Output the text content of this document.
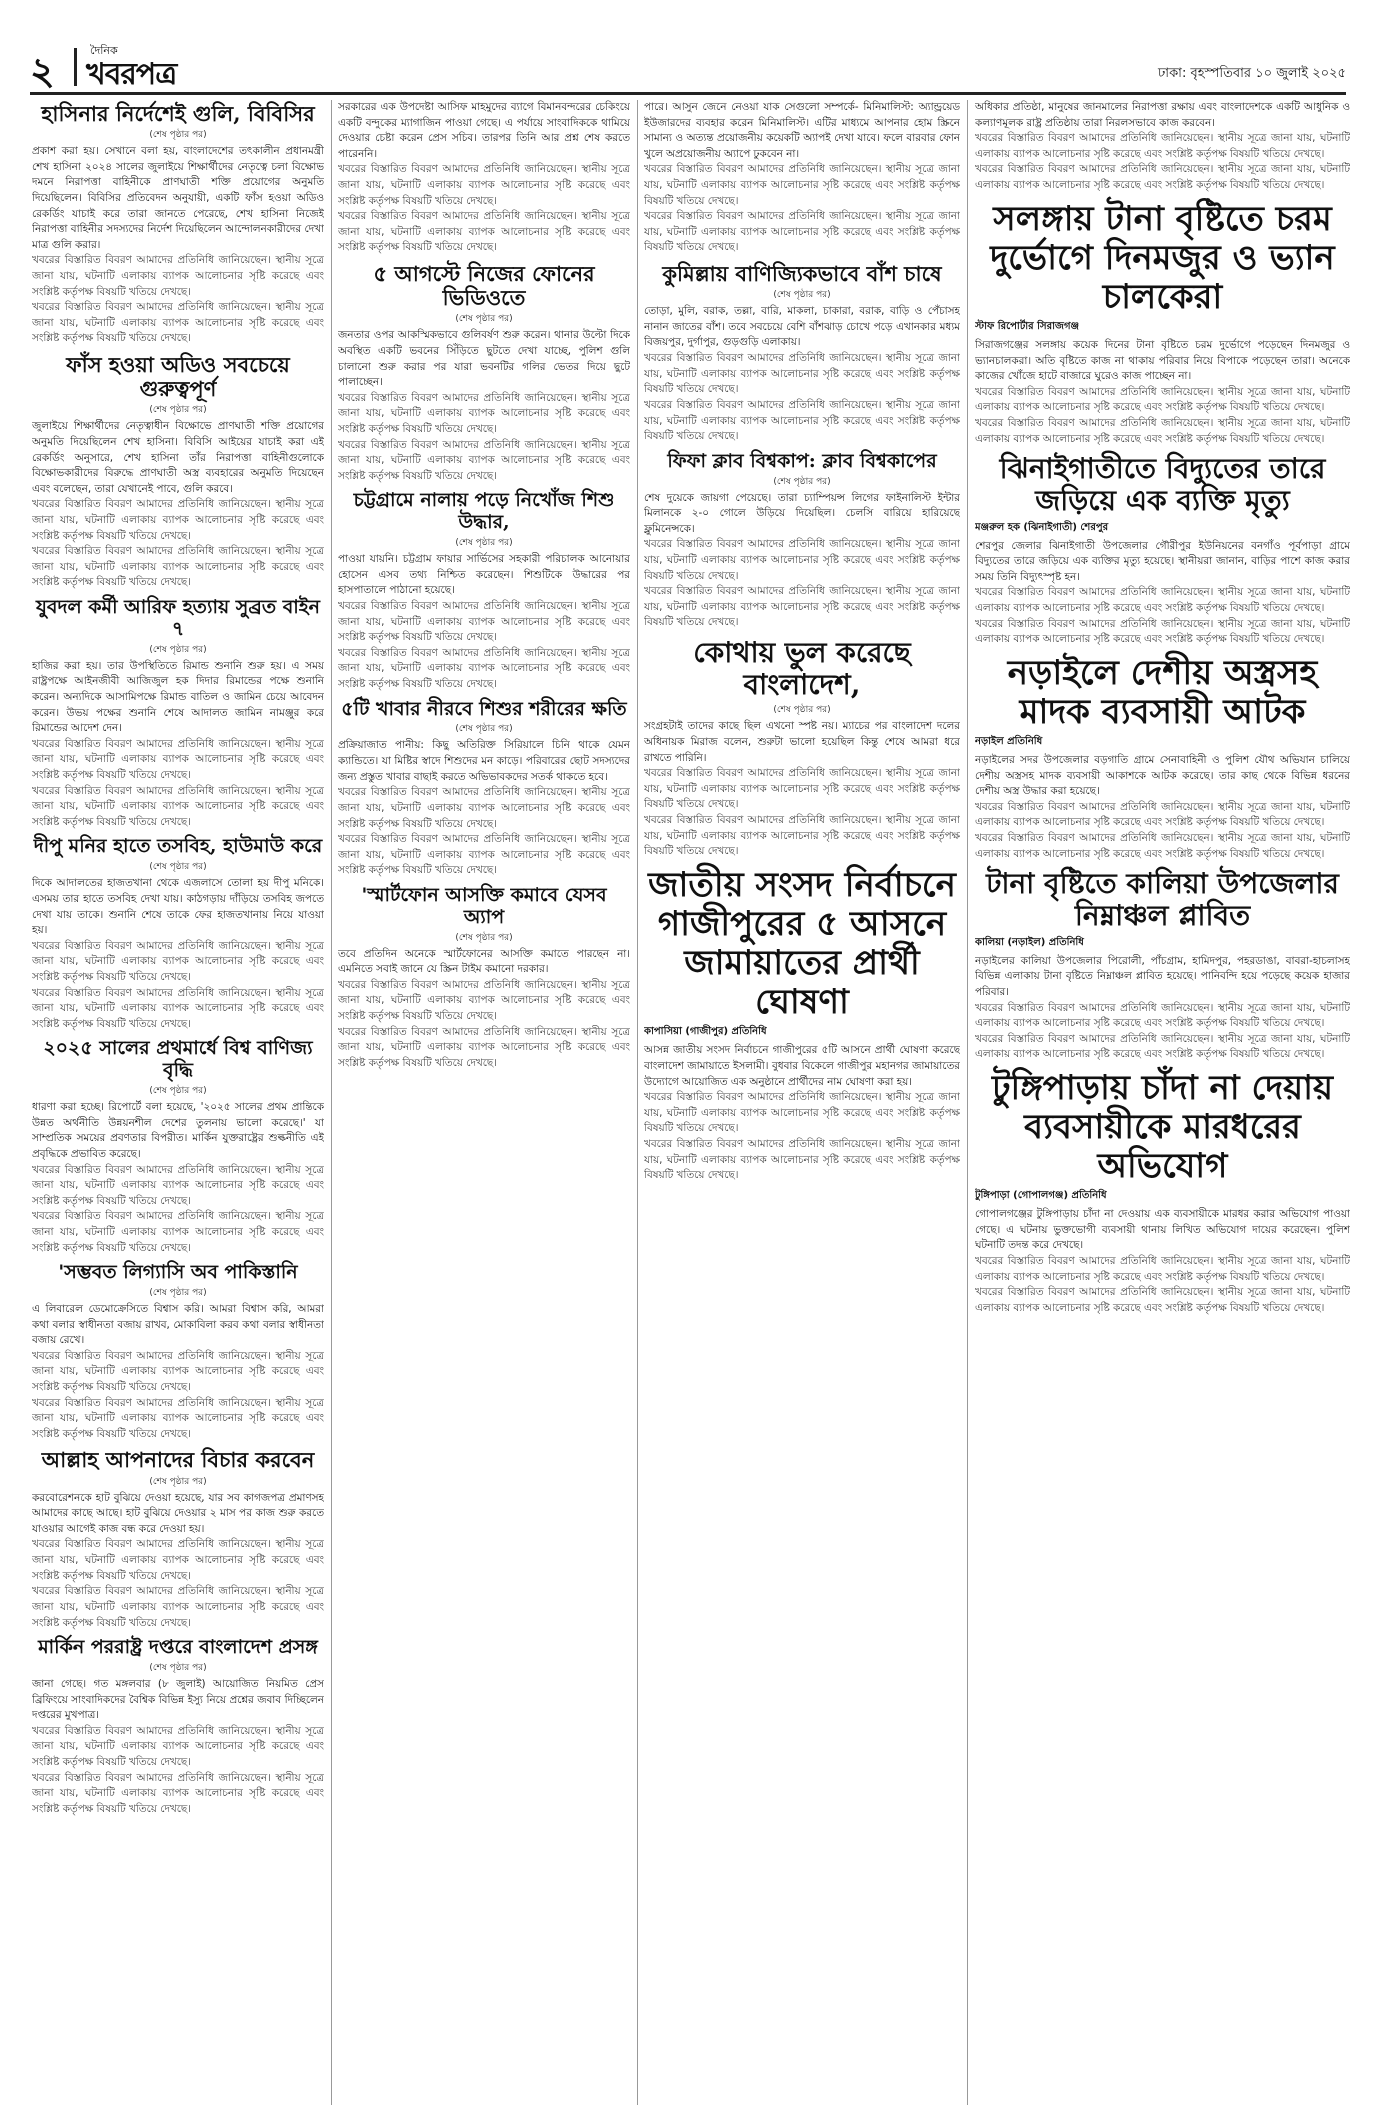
২	দৈনিক
খবরপত্র	ঢাকা: বৃহস্পতিবার ১০ জুলাই ২০২৫
হাসিনার নির্দেশেই গুলি, বিবিসির
(শেষ পৃষ্ঠার পর)
প্রকাশ করা হয়। সেখানে বলা হয়, বাংলাদেশের তৎকালীন প্রধানমন্ত্রী শেখ হাসিনা ২০২৪ সালের জুলাইয়ে শিক্ষার্থীদের নেতৃত্বে চলা বিক্ষোভ দমনে নিরাপত্তা বাহিনীকে প্রাণঘাতী শক্তি প্রয়োগের অনুমতি দিয়েছিলেন। বিবিসির প্রতিবেদন অনুযায়ী, একটি ফাঁস হওয়া অডিও রেকর্ডিং যাচাই করে তারা জানতে পেরেছে, শেখ হাসিনা নিজেই নিরাপত্তা বাহিনীর সদস্যদের নির্দেশ দিয়েছিলেন আন্দোলনকারীদের দেখা মাত্র গুলি করার।
খবরের বিস্তারিত বিবরণ আমাদের প্রতিনিধি জানিয়েছেন। স্থানীয় সূত্রে জানা যায়, ঘটনাটি এলাকায় ব্যাপক আলোচনার সৃষ্টি করেছে এবং সংশ্লিষ্ট কর্তৃপক্ষ বিষয়টি খতিয়ে দেখছে।
খবরের বিস্তারিত বিবরণ আমাদের প্রতিনিধি জানিয়েছেন। স্থানীয় সূত্রে জানা যায়, ঘটনাটি এলাকায় ব্যাপক আলোচনার সৃষ্টি করেছে এবং সংশ্লিষ্ট কর্তৃপক্ষ বিষয়টি খতিয়ে দেখছে।
ফাঁস হওয়া অডিও সবচেয়ে গুরুত্বপূর্ণ
(শেষ পৃষ্ঠার পর)
জুলাইয়ে শিক্ষার্থীদের নেতৃত্বাধীন বিক্ষোভে প্রাণঘাতী শক্তি প্রয়োগের অনুমতি দিয়েছিলেন শেখ হাসিনা। বিবিসি আইয়ের যাচাই করা এই রেকর্ডিং অনুসারে, শেখ হাসিনা তাঁর নিরাপত্তা বাহিনীগুলোকে বিক্ষোভকারীদের বিরুদ্ধে প্রাণঘাতী অস্ত্র ব্যবহারের অনুমতি দিয়েছেন এবং বলেছেন, তারা যেখানেই পাবে, গুলি করবে।
খবরের বিস্তারিত বিবরণ আমাদের প্রতিনিধি জানিয়েছেন। স্থানীয় সূত্রে জানা যায়, ঘটনাটি এলাকায় ব্যাপক আলোচনার সৃষ্টি করেছে এবং সংশ্লিষ্ট কর্তৃপক্ষ বিষয়টি খতিয়ে দেখছে।
খবরের বিস্তারিত বিবরণ আমাদের প্রতিনিধি জানিয়েছেন। স্থানীয় সূত্রে জানা যায়, ঘটনাটি এলাকায় ব্যাপক আলোচনার সৃষ্টি করেছে এবং সংশ্লিষ্ট কর্তৃপক্ষ বিষয়টি খতিয়ে দেখছে।
যুবদল কর্মী আরিফ হত্যায় সুব্রত বাইন ৭
(শেষ পৃষ্ঠার পর)
হাজির করা হয়। তার উপস্থিতিতে রিমান্ড শুনানি শুরু হয়। এ সময় রাষ্ট্রপক্ষে আইনজীবী আজিজুল হক দিদার রিমান্ডের পক্ষে শুনানি করেন। অন্যদিকে আসামিপক্ষে রিমান্ড বাতিল ও জামিন চেয়ে আবেদন করেন। উভয় পক্ষের শুনানি শেষে আদালত জামিন নামঞ্জুর করে রিমান্ডের আদেশ দেন।
খবরের বিস্তারিত বিবরণ আমাদের প্রতিনিধি জানিয়েছেন। স্থানীয় সূত্রে জানা যায়, ঘটনাটি এলাকায় ব্যাপক আলোচনার সৃষ্টি করেছে এবং সংশ্লিষ্ট কর্তৃপক্ষ বিষয়টি খতিয়ে দেখছে।
খবরের বিস্তারিত বিবরণ আমাদের প্রতিনিধি জানিয়েছেন। স্থানীয় সূত্রে জানা যায়, ঘটনাটি এলাকায় ব্যাপক আলোচনার সৃষ্টি করেছে এবং সংশ্লিষ্ট কর্তৃপক্ষ বিষয়টি খতিয়ে দেখছে।
দীপু মনির হাতে তসবিহ, হাউমাউ করে
(শেষ পৃষ্ঠার পর)
দিকে আদালতের হাজতখানা থেকে এজলাসে তোলা হয় দীপু মনিকে। এসময় তার হাতে তসবিহ দেখা যায়। কাঠগড়ায় দাঁড়িয়ে তসবিহ জপতে দেখা যায় তাকে। শুনানি শেষে তাকে ফের হাজতখানায় নিয়ে যাওয়া হয়।
খবরের বিস্তারিত বিবরণ আমাদের প্রতিনিধি জানিয়েছেন। স্থানীয় সূত্রে জানা যায়, ঘটনাটি এলাকায় ব্যাপক আলোচনার সৃষ্টি করেছে এবং সংশ্লিষ্ট কর্তৃপক্ষ বিষয়টি খতিয়ে দেখছে।
খবরের বিস্তারিত বিবরণ আমাদের প্রতিনিধি জানিয়েছেন। স্থানীয় সূত্রে জানা যায়, ঘটনাটি এলাকায় ব্যাপক আলোচনার সৃষ্টি করেছে এবং সংশ্লিষ্ট কর্তৃপক্ষ বিষয়টি খতিয়ে দেখছে।
২০২৫ সালের প্রথমার্ধে বিশ্ব বাণিজ্য বৃদ্ধি
(শেষ পৃষ্ঠার পর)
ধারণা করা হচ্ছে। রিপোর্টে বলা হয়েছে, '২০২৫ সালের প্রথম প্রান্তিকে উন্নত অর্থনীতি উন্নয়নশীল দেশের তুলনায় ভালো করেছে।' যা সাম্প্রতিক সময়ের প্রবণতার বিপরীত। মার্কিন যুক্তরাষ্ট্রের শুল্কনীতি এই প্রবৃদ্ধিকে প্রভাবিত করেছে।
খবরের বিস্তারিত বিবরণ আমাদের প্রতিনিধি জানিয়েছেন। স্থানীয় সূত্রে জানা যায়, ঘটনাটি এলাকায় ব্যাপক আলোচনার সৃষ্টি করেছে এবং সংশ্লিষ্ট কর্তৃপক্ষ বিষয়টি খতিয়ে দেখছে।
খবরের বিস্তারিত বিবরণ আমাদের প্রতিনিধি জানিয়েছেন। স্থানীয় সূত্রে জানা যায়, ঘটনাটি এলাকায় ব্যাপক আলোচনার সৃষ্টি করেছে এবং সংশ্লিষ্ট কর্তৃপক্ষ বিষয়টি খতিয়ে দেখছে।
'সম্ভবত লিগ্যাসি অব পাকিস্তানি
(শেষ পৃষ্ঠার পর)
এ লিবারেল ডেমোক্রেসিতে বিশ্বাস করি। আমরা বিশ্বাস করি, আমরা কথা বলার স্বাধীনতা বজায় রাখব, মোকাবিলা করব কথা বলার স্বাধীনতা বজায় রেখে।
খবরের বিস্তারিত বিবরণ আমাদের প্রতিনিধি জানিয়েছেন। স্থানীয় সূত্রে জানা যায়, ঘটনাটি এলাকায় ব্যাপক আলোচনার সৃষ্টি করেছে এবং সংশ্লিষ্ট কর্তৃপক্ষ বিষয়টি খতিয়ে দেখছে।
খবরের বিস্তারিত বিবরণ আমাদের প্রতিনিধি জানিয়েছেন। স্থানীয় সূত্রে জানা যায়, ঘটনাটি এলাকায় ব্যাপক আলোচনার সৃষ্টি করেছে এবং সংশ্লিষ্ট কর্তৃপক্ষ বিষয়টি খতিয়ে দেখছে।
আল্লাহ আপনাদের বিচার করবেন
(শেষ পৃষ্ঠার পর)
করবোরেশনকে হাট বুঝিয়ে দেওয়া হয়েছে, যার সব কাগজপত্র প্রমাণসহ আমাদের কাছে আছে। হাট বুঝিয়ে দেওয়ার ২ মাস পর কাজ শুরু করতে যাওয়ার আগেই কাজ বন্ধ করে দেওয়া হয়।
খবরের বিস্তারিত বিবরণ আমাদের প্রতিনিধি জানিয়েছেন। স্থানীয় সূত্রে জানা যায়, ঘটনাটি এলাকায় ব্যাপক আলোচনার সৃষ্টি করেছে এবং সংশ্লিষ্ট কর্তৃপক্ষ বিষয়টি খতিয়ে দেখছে।
খবরের বিস্তারিত বিবরণ আমাদের প্রতিনিধি জানিয়েছেন। স্থানীয় সূত্রে জানা যায়, ঘটনাটি এলাকায় ব্যাপক আলোচনার সৃষ্টি করেছে এবং সংশ্লিষ্ট কর্তৃপক্ষ বিষয়টি খতিয়ে দেখছে।
মার্কিন পররাষ্ট্র দপ্তরে বাংলাদেশ প্রসঙ্গ
(শেষ পৃষ্ঠার পর)
জানা গেছে। গত মঙ্গলবার (৮ জুলাই) আয়োজিত নিয়মিত প্রেস ব্রিফিংয়ে সাংবাদিকদের বৈশ্বিক বিভিন্ন ইস্যু নিয়ে প্রশ্নের জবাব দিচ্ছিলেন দপ্তরের মুখপাত্র।
খবরের বিস্তারিত বিবরণ আমাদের প্রতিনিধি জানিয়েছেন। স্থানীয় সূত্রে জানা যায়, ঘটনাটি এলাকায় ব্যাপক আলোচনার সৃষ্টি করেছে এবং সংশ্লিষ্ট কর্তৃপক্ষ বিষয়টি খতিয়ে দেখছে।
খবরের বিস্তারিত বিবরণ আমাদের প্রতিনিধি জানিয়েছেন। স্থানীয় সূত্রে জানা যায়, ঘটনাটি এলাকায় ব্যাপক আলোচনার সৃষ্টি করেছে এবং সংশ্লিষ্ট কর্তৃপক্ষ বিষয়টি খতিয়ে দেখছে।
সরকারের এক উপদেষ্টা আসিফ মাহমুদের ব্যাগে বিমানবন্দরের চেকিংয়ে একটি বন্দুকের ম্যাগাজিন পাওয়া গেছে। এ পর্যায়ে সাংবাদিককে থামিয়ে দেওয়ার চেষ্টা করেন প্রেস সচিব। তারপর তিনি আর প্রশ্ন শেষ করতে পারেননি।
খবরের বিস্তারিত বিবরণ আমাদের প্রতিনিধি জানিয়েছেন। স্থানীয় সূত্রে জানা যায়, ঘটনাটি এলাকায় ব্যাপক আলোচনার সৃষ্টি করেছে এবং সংশ্লিষ্ট কর্তৃপক্ষ বিষয়টি খতিয়ে দেখছে।
খবরের বিস্তারিত বিবরণ আমাদের প্রতিনিধি জানিয়েছেন। স্থানীয় সূত্রে জানা যায়, ঘটনাটি এলাকায় ব্যাপক আলোচনার সৃষ্টি করেছে এবং সংশ্লিষ্ট কর্তৃপক্ষ বিষয়টি খতিয়ে দেখছে।
৫ আগস্টে নিজের ফোনের ভিডিওতে
(শেষ পৃষ্ঠার পর)
জনতার ওপর আকস্মিকভাবে গুলিবর্ষণ শুরু করেন। থানার উল্টো দিকে অবস্থিত একটি ভবনের সিঁড়িতে ছুটতে দেখা যাচ্ছে, পুলিশ গুলি চালানো শুরু করার পর যারা ভবনটির গলির ভেতর দিয়ে ছুটে পালাচ্ছেন।
খবরের বিস্তারিত বিবরণ আমাদের প্রতিনিধি জানিয়েছেন। স্থানীয় সূত্রে জানা যায়, ঘটনাটি এলাকায় ব্যাপক আলোচনার সৃষ্টি করেছে এবং সংশ্লিষ্ট কর্তৃপক্ষ বিষয়টি খতিয়ে দেখছে।
খবরের বিস্তারিত বিবরণ আমাদের প্রতিনিধি জানিয়েছেন। স্থানীয় সূত্রে জানা যায়, ঘটনাটি এলাকায় ব্যাপক আলোচনার সৃষ্টি করেছে এবং সংশ্লিষ্ট কর্তৃপক্ষ বিষয়টি খতিয়ে দেখছে।
চট্টগ্রামে নালায় পড়ে নিখোঁজ শিশু উদ্ধার,
(শেষ পৃষ্ঠার পর)
পাওয়া যায়নি। চট্টগ্রাম ফায়ার সার্ভিসের সহকারী পরিচালক আনোয়ার হোসেন এসব তথ্য নিশ্চিত করেছেন। শিশুটিকে উদ্ধারের পর হাসপাতালে পাঠানো হয়েছে।
খবরের বিস্তারিত বিবরণ আমাদের প্রতিনিধি জানিয়েছেন। স্থানীয় সূত্রে জানা যায়, ঘটনাটি এলাকায় ব্যাপক আলোচনার সৃষ্টি করেছে এবং সংশ্লিষ্ট কর্তৃপক্ষ বিষয়টি খতিয়ে দেখছে।
খবরের বিস্তারিত বিবরণ আমাদের প্রতিনিধি জানিয়েছেন। স্থানীয় সূত্রে জানা যায়, ঘটনাটি এলাকায় ব্যাপক আলোচনার সৃষ্টি করেছে এবং সংশ্লিষ্ট কর্তৃপক্ষ বিষয়টি খতিয়ে দেখছে।
৫টি খাবার নীরবে শিশুর শরীরের ক্ষতি
(শেষ পৃষ্ঠার পর)
প্রক্রিয়াজাত পানীয়: কিছু অতিরিক্ত সিরিয়ালে চিনি থাকে যেমন ক্যান্ডিতে। যা মিষ্টির স্বাদে শিশুদের মন কাড়ে। পরিবারের ছোট সদস্যদের জন্য প্রস্তুত খাবার বাছাই করতে অভিভাবকদের সতর্ক থাকতে হবে।
খবরের বিস্তারিত বিবরণ আমাদের প্রতিনিধি জানিয়েছেন। স্থানীয় সূত্রে জানা যায়, ঘটনাটি এলাকায় ব্যাপক আলোচনার সৃষ্টি করেছে এবং সংশ্লিষ্ট কর্তৃপক্ষ বিষয়টি খতিয়ে দেখছে।
খবরের বিস্তারিত বিবরণ আমাদের প্রতিনিধি জানিয়েছেন। স্থানীয় সূত্রে জানা যায়, ঘটনাটি এলাকায় ব্যাপক আলোচনার সৃষ্টি করেছে এবং সংশ্লিষ্ট কর্তৃপক্ষ বিষয়টি খতিয়ে দেখছে।
'স্মার্টফোন আসক্তি কমাবে যেসব অ্যাপ
(শেষ পৃষ্ঠার পর)
তবে প্রতিদিন অনেকে স্মার্টফোনের আসক্তি কমাতে পারছেন না। এমনিতে সবাই জানে যে স্ক্রিন টাইম কমানো দরকার।
খবরের বিস্তারিত বিবরণ আমাদের প্রতিনিধি জানিয়েছেন। স্থানীয় সূত্রে জানা যায়, ঘটনাটি এলাকায় ব্যাপক আলোচনার সৃষ্টি করেছে এবং সংশ্লিষ্ট কর্তৃপক্ষ বিষয়টি খতিয়ে দেখছে।
খবরের বিস্তারিত বিবরণ আমাদের প্রতিনিধি জানিয়েছেন। স্থানীয় সূত্রে জানা যায়, ঘটনাটি এলাকায় ব্যাপক আলোচনার সৃষ্টি করেছে এবং সংশ্লিষ্ট কর্তৃপক্ষ বিষয়টি খতিয়ে দেখছে।
পারে। আসুন জেনে নেওয়া যাক সেগুলো সম্পর্কে- মিনিমালিস্ট: অ্যান্ড্রয়েড ইউজারদের ব্যবহার করেন মিনিমালিস্ট। এটির মাধ্যমে আপনার হোম স্ক্রিনে সামান্য ও অত্যন্ত প্রয়োজনীয় কয়েকটি অ্যাপই দেখা যাবে। ফলে বারবার ফোন খুলে অপ্রয়োজনীয় অ্যাপে ঢুকবেন না।
খবরের বিস্তারিত বিবরণ আমাদের প্রতিনিধি জানিয়েছেন। স্থানীয় সূত্রে জানা যায়, ঘটনাটি এলাকায় ব্যাপক আলোচনার সৃষ্টি করেছে এবং সংশ্লিষ্ট কর্তৃপক্ষ বিষয়টি খতিয়ে দেখছে।
খবরের বিস্তারিত বিবরণ আমাদের প্রতিনিধি জানিয়েছেন। স্থানীয় সূত্রে জানা যায়, ঘটনাটি এলাকায় ব্যাপক আলোচনার সৃষ্টি করেছে এবং সংশ্লিষ্ট কর্তৃপক্ষ বিষয়টি খতিয়ে দেখছে।
কুমিল্লায় বাণিজ্যিকভাবে বাঁশ চাষে
(শেষ পৃষ্ঠার পর)
তোড়া, মুলি, বরাক, তল্লা, বারি, মাকলা, চাকারা, বরাক, বাড়ি ও পেঁচাসহ নানান জাতের বাঁশ। তবে সবচেয়ে বেশি বাঁশঝাড় চোখে পড়ে এখানকার মধ্যম বিজয়পুর, দুর্গাপুর, গুড়গুড়ি এলাকায়।
খবরের বিস্তারিত বিবরণ আমাদের প্রতিনিধি জানিয়েছেন। স্থানীয় সূত্রে জানা যায়, ঘটনাটি এলাকায় ব্যাপক আলোচনার সৃষ্টি করেছে এবং সংশ্লিষ্ট কর্তৃপক্ষ বিষয়টি খতিয়ে দেখছে।
খবরের বিস্তারিত বিবরণ আমাদের প্রতিনিধি জানিয়েছেন। স্থানীয় সূত্রে জানা যায়, ঘটনাটি এলাকায় ব্যাপক আলোচনার সৃষ্টি করেছে এবং সংশ্লিষ্ট কর্তৃপক্ষ বিষয়টি খতিয়ে দেখছে।
ফিফা ক্লাব বিশ্বকাপ: ক্লাব বিশ্বকাপের
(শেষ পৃষ্ঠার পর)
শেষ দুয়েকে জায়গা পেয়েছে। তারা চ্যাম্পিয়ন্স লিগের ফাইনালিস্ট ইন্টার মিলানকে ২-০ গোলে উড়িয়ে দিয়েছিল। চেলসি বারিয়ে হারিয়েছে ফ্লুমিনেন্সকে।
খবরের বিস্তারিত বিবরণ আমাদের প্রতিনিধি জানিয়েছেন। স্থানীয় সূত্রে জানা যায়, ঘটনাটি এলাকায় ব্যাপক আলোচনার সৃষ্টি করেছে এবং সংশ্লিষ্ট কর্তৃপক্ষ বিষয়টি খতিয়ে দেখছে।
খবরের বিস্তারিত বিবরণ আমাদের প্রতিনিধি জানিয়েছেন। স্থানীয় সূত্রে জানা যায়, ঘটনাটি এলাকায় ব্যাপক আলোচনার সৃষ্টি করেছে এবং সংশ্লিষ্ট কর্তৃপক্ষ বিষয়টি খতিয়ে দেখছে।
কোথায় ভুল করেছে বাংলাদেশ,
(শেষ পৃষ্ঠার পর)
সংগ্রহটাই তাদের কাছে ছিল এখনো স্পষ্ট নয়। ম্যাচের পর বাংলাদেশ দলের অধিনায়ক মিরাজ বলেন, শুরুটা ভালো হয়েছিল কিন্তু শেষে আমরা ধরে রাখতে পারিনি।
খবরের বিস্তারিত বিবরণ আমাদের প্রতিনিধি জানিয়েছেন। স্থানীয় সূত্রে জানা যায়, ঘটনাটি এলাকায় ব্যাপক আলোচনার সৃষ্টি করেছে এবং সংশ্লিষ্ট কর্তৃপক্ষ বিষয়টি খতিয়ে দেখছে।
খবরের বিস্তারিত বিবরণ আমাদের প্রতিনিধি জানিয়েছেন। স্থানীয় সূত্রে জানা যায়, ঘটনাটি এলাকায় ব্যাপক আলোচনার সৃষ্টি করেছে এবং সংশ্লিষ্ট কর্তৃপক্ষ বিষয়টি খতিয়ে দেখছে।
জাতীয় সংসদ নির্বাচনে গাজীপুরের ৫ আসনে জামায়াতের প্রার্থী ঘোষণা
কাপাসিয়া (গাজীপুর) প্রতিনিধি
আসন্ন জাতীয় সংসদ নির্বাচনে গাজীপুরের ৫টি আসনে প্রার্থী ঘোষণা করেছে বাংলাদেশ জামায়াতে ইসলামী। বুধবার বিকেলে গাজীপুর মহানগর জামায়াতের উদ্যোগে আয়োজিত এক অনুষ্ঠানে প্রার্থীদের নাম ঘোষণা করা হয়।
খবরের বিস্তারিত বিবরণ আমাদের প্রতিনিধি জানিয়েছেন। স্থানীয় সূত্রে জানা যায়, ঘটনাটি এলাকায় ব্যাপক আলোচনার সৃষ্টি করেছে এবং সংশ্লিষ্ট কর্তৃপক্ষ বিষয়টি খতিয়ে দেখছে।
খবরের বিস্তারিত বিবরণ আমাদের প্রতিনিধি জানিয়েছেন। স্থানীয় সূত্রে জানা যায়, ঘটনাটি এলাকায় ব্যাপক আলোচনার সৃষ্টি করেছে এবং সংশ্লিষ্ট কর্তৃপক্ষ বিষয়টি খতিয়ে দেখছে।
অধিকার প্রতিষ্ঠা, মানুষের জানমালের নিরাপত্তা রক্ষায় এবং বাংলাদেশকে একটি আধুনিক ও কল্যাণমূলক রাষ্ট্র প্রতিষ্ঠায় তারা নিরলসভাবে কাজ করবেন।
খবরের বিস্তারিত বিবরণ আমাদের প্রতিনিধি জানিয়েছেন। স্থানীয় সূত্রে জানা যায়, ঘটনাটি এলাকায় ব্যাপক আলোচনার সৃষ্টি করেছে এবং সংশ্লিষ্ট কর্তৃপক্ষ বিষয়টি খতিয়ে দেখছে।
খবরের বিস্তারিত বিবরণ আমাদের প্রতিনিধি জানিয়েছেন। স্থানীয় সূত্রে জানা যায়, ঘটনাটি এলাকায় ব্যাপক আলোচনার সৃষ্টি করেছে এবং সংশ্লিষ্ট কর্তৃপক্ষ বিষয়টি খতিয়ে দেখছে।
সলঙ্গায় টানা বৃষ্টিতে চরম দুর্ভোগে দিনমজুর ও ভ্যান চালকেরা
স্টাফ রিপোর্টার সিরাজগঞ্জ
সিরাজগঞ্জের সলঙ্গায় কয়েক দিনের টানা বৃষ্টিতে চরম দুর্ভোগে পড়েছেন দিনমজুর ও ভ্যানচালকরা। অতি বৃষ্টিতে কাজ না থাকায় পরিবার নিয়ে বিপাকে পড়েছেন তারা। অনেকে কাজের খোঁজে হাটে বাজারে ঘুরেও কাজ পাচ্ছেন না।
খবরের বিস্তারিত বিবরণ আমাদের প্রতিনিধি জানিয়েছেন। স্থানীয় সূত্রে জানা যায়, ঘটনাটি এলাকায় ব্যাপক আলোচনার সৃষ্টি করেছে এবং সংশ্লিষ্ট কর্তৃপক্ষ বিষয়টি খতিয়ে দেখছে।
খবরের বিস্তারিত বিবরণ আমাদের প্রতিনিধি জানিয়েছেন। স্থানীয় সূত্রে জানা যায়, ঘটনাটি এলাকায় ব্যাপক আলোচনার সৃষ্টি করেছে এবং সংশ্লিষ্ট কর্তৃপক্ষ বিষয়টি খতিয়ে দেখছে।
ঝিনাইগাতীতে বিদ্যুতের তারে জড়িয়ে এক ব্যক্তি মৃত্যু
মঞ্জরুল হক (ঝিনাইগাতী) শেরপুর
শেরপুর জেলার ঝিনাইগাতী উপজেলার গৌরীপুর ইউনিয়নের বনগাঁও পূর্বপাড়া গ্রামে বিদ্যুতের তারে জড়িয়ে এক ব্যক্তির মৃত্যু হয়েছে। স্থানীয়রা জানান, বাড়ির পাশে কাজ করার সময় তিনি বিদ্যুৎস্পৃষ্ট হন।
খবরের বিস্তারিত বিবরণ আমাদের প্রতিনিধি জানিয়েছেন। স্থানীয় সূত্রে জানা যায়, ঘটনাটি এলাকায় ব্যাপক আলোচনার সৃষ্টি করেছে এবং সংশ্লিষ্ট কর্তৃপক্ষ বিষয়টি খতিয়ে দেখছে।
খবরের বিস্তারিত বিবরণ আমাদের প্রতিনিধি জানিয়েছেন। স্থানীয় সূত্রে জানা যায়, ঘটনাটি এলাকায় ব্যাপক আলোচনার সৃষ্টি করেছে এবং সংশ্লিষ্ট কর্তৃপক্ষ বিষয়টি খতিয়ে দেখছে।
নড়াইলে দেশীয় অস্ত্রসহ মাদক ব্যবসায়ী আটক
নড়াইল প্রতিনিধি
নড়াইলের সদর উপজেলার বড়গাতি গ্রামে সেনাবাহিনী ও পুলিশ যৌথ অভিযান চালিয়ে দেশীয় অস্ত্রসহ মাদক ব্যবসায়ী আকাশকে আটক করেছে। তার কাছ থেকে বিভিন্ন ধরনের দেশীয় অস্ত্র উদ্ধার করা হয়েছে।
খবরের বিস্তারিত বিবরণ আমাদের প্রতিনিধি জানিয়েছেন। স্থানীয় সূত্রে জানা যায়, ঘটনাটি এলাকায় ব্যাপক আলোচনার সৃষ্টি করেছে এবং সংশ্লিষ্ট কর্তৃপক্ষ বিষয়টি খতিয়ে দেখছে।
খবরের বিস্তারিত বিবরণ আমাদের প্রতিনিধি জানিয়েছেন। স্থানীয় সূত্রে জানা যায়, ঘটনাটি এলাকায় ব্যাপক আলোচনার সৃষ্টি করেছে এবং সংশ্লিষ্ট কর্তৃপক্ষ বিষয়টি খতিয়ে দেখছে।
টানা বৃষ্টিতে কালিয়া উপজেলার নিম্নাঞ্চল প্লাবিত
কালিয়া (নড়াইল) প্রতিনিধি
নড়াইলের কালিয়া উপজেলার পিরোলী, পাঁচগ্রাম, হামিদপুর, পহরডাঙা, বাবরা-হাচলাসহ বিভিন্ন এলাকায় টানা বৃষ্টিতে নিম্নাঞ্চল প্লাবিত হয়েছে। পানিবন্দি হয়ে পড়েছে কয়েক হাজার পরিবার।
খবরের বিস্তারিত বিবরণ আমাদের প্রতিনিধি জানিয়েছেন। স্থানীয় সূত্রে জানা যায়, ঘটনাটি এলাকায় ব্যাপক আলোচনার সৃষ্টি করেছে এবং সংশ্লিষ্ট কর্তৃপক্ষ বিষয়টি খতিয়ে দেখছে।
খবরের বিস্তারিত বিবরণ আমাদের প্রতিনিধি জানিয়েছেন। স্থানীয় সূত্রে জানা যায়, ঘটনাটি এলাকায় ব্যাপক আলোচনার সৃষ্টি করেছে এবং সংশ্লিষ্ট কর্তৃপক্ষ বিষয়টি খতিয়ে দেখছে।
টুঙ্গিপাড়ায় চাঁদা না দেয়ায় ব্যবসায়ীকে মারধরের অভিযোগ
টুঙ্গিপাড়া (গোপালগঞ্জ) প্রতিনিধি
গোপালগঞ্জের টুঙ্গিপাড়ায় চাঁদা না দেওয়ায় এক ব্যবসায়ীকে মারধর করার অভিযোগ পাওয়া গেছে। এ ঘটনায় ভুক্তভোগী ব্যবসায়ী থানায় লিখিত অভিযোগ দায়ের করেছেন। পুলিশ ঘটনাটি তদন্ত করে দেখছে।
খবরের বিস্তারিত বিবরণ আমাদের প্রতিনিধি জানিয়েছেন। স্থানীয় সূত্রে জানা যায়, ঘটনাটি এলাকায় ব্যাপক আলোচনার সৃষ্টি করেছে এবং সংশ্লিষ্ট কর্তৃপক্ষ বিষয়টি খতিয়ে দেখছে।
খবরের বিস্তারিত বিবরণ আমাদের প্রতিনিধি জানিয়েছেন। স্থানীয় সূত্রে জানা যায়, ঘটনাটি এলাকায় ব্যাপক আলোচনার সৃষ্টি করেছে এবং সংশ্লিষ্ট কর্তৃপক্ষ বিষয়টি খতিয়ে দেখছে।
